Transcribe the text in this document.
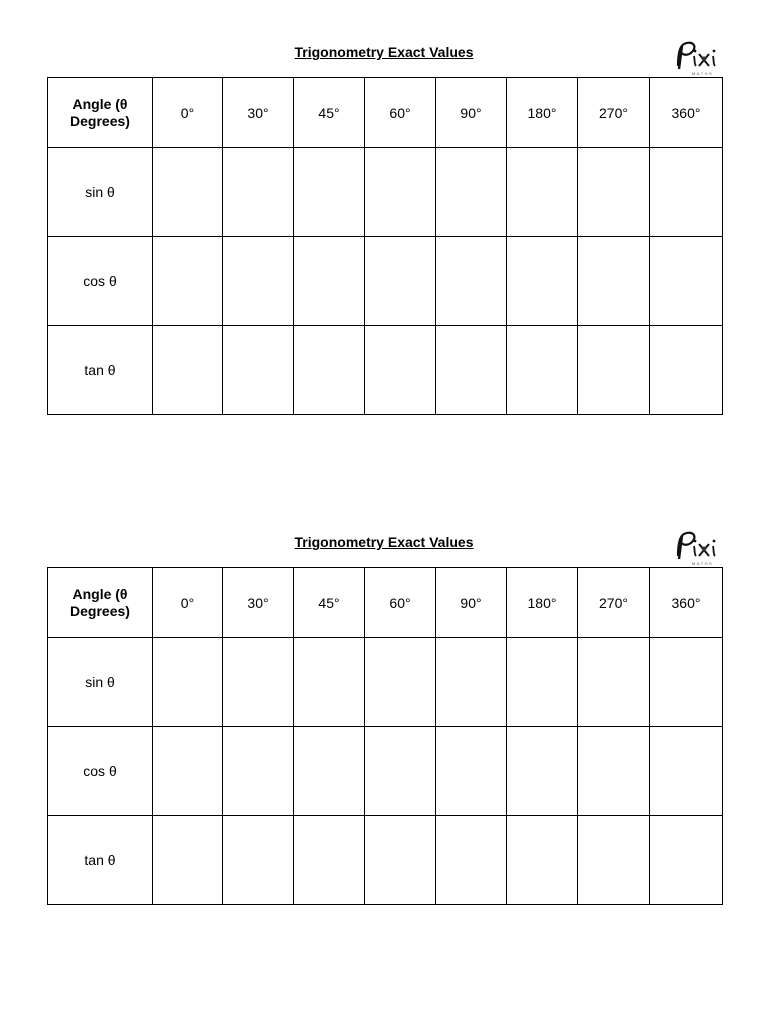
Trigonometry Exact Values
MATHS
Angle (θ
Degrees)	0°	30°	45°	60°	90°	180°	270°	360°
sin θ								
cos θ								
tan θ								
Trigonometry Exact Values
MATHS
Angle (θ
Degrees)	0°	30°	45°	60°	90°	180°	270°	360°
sin θ								
cos θ								
tan θ								
